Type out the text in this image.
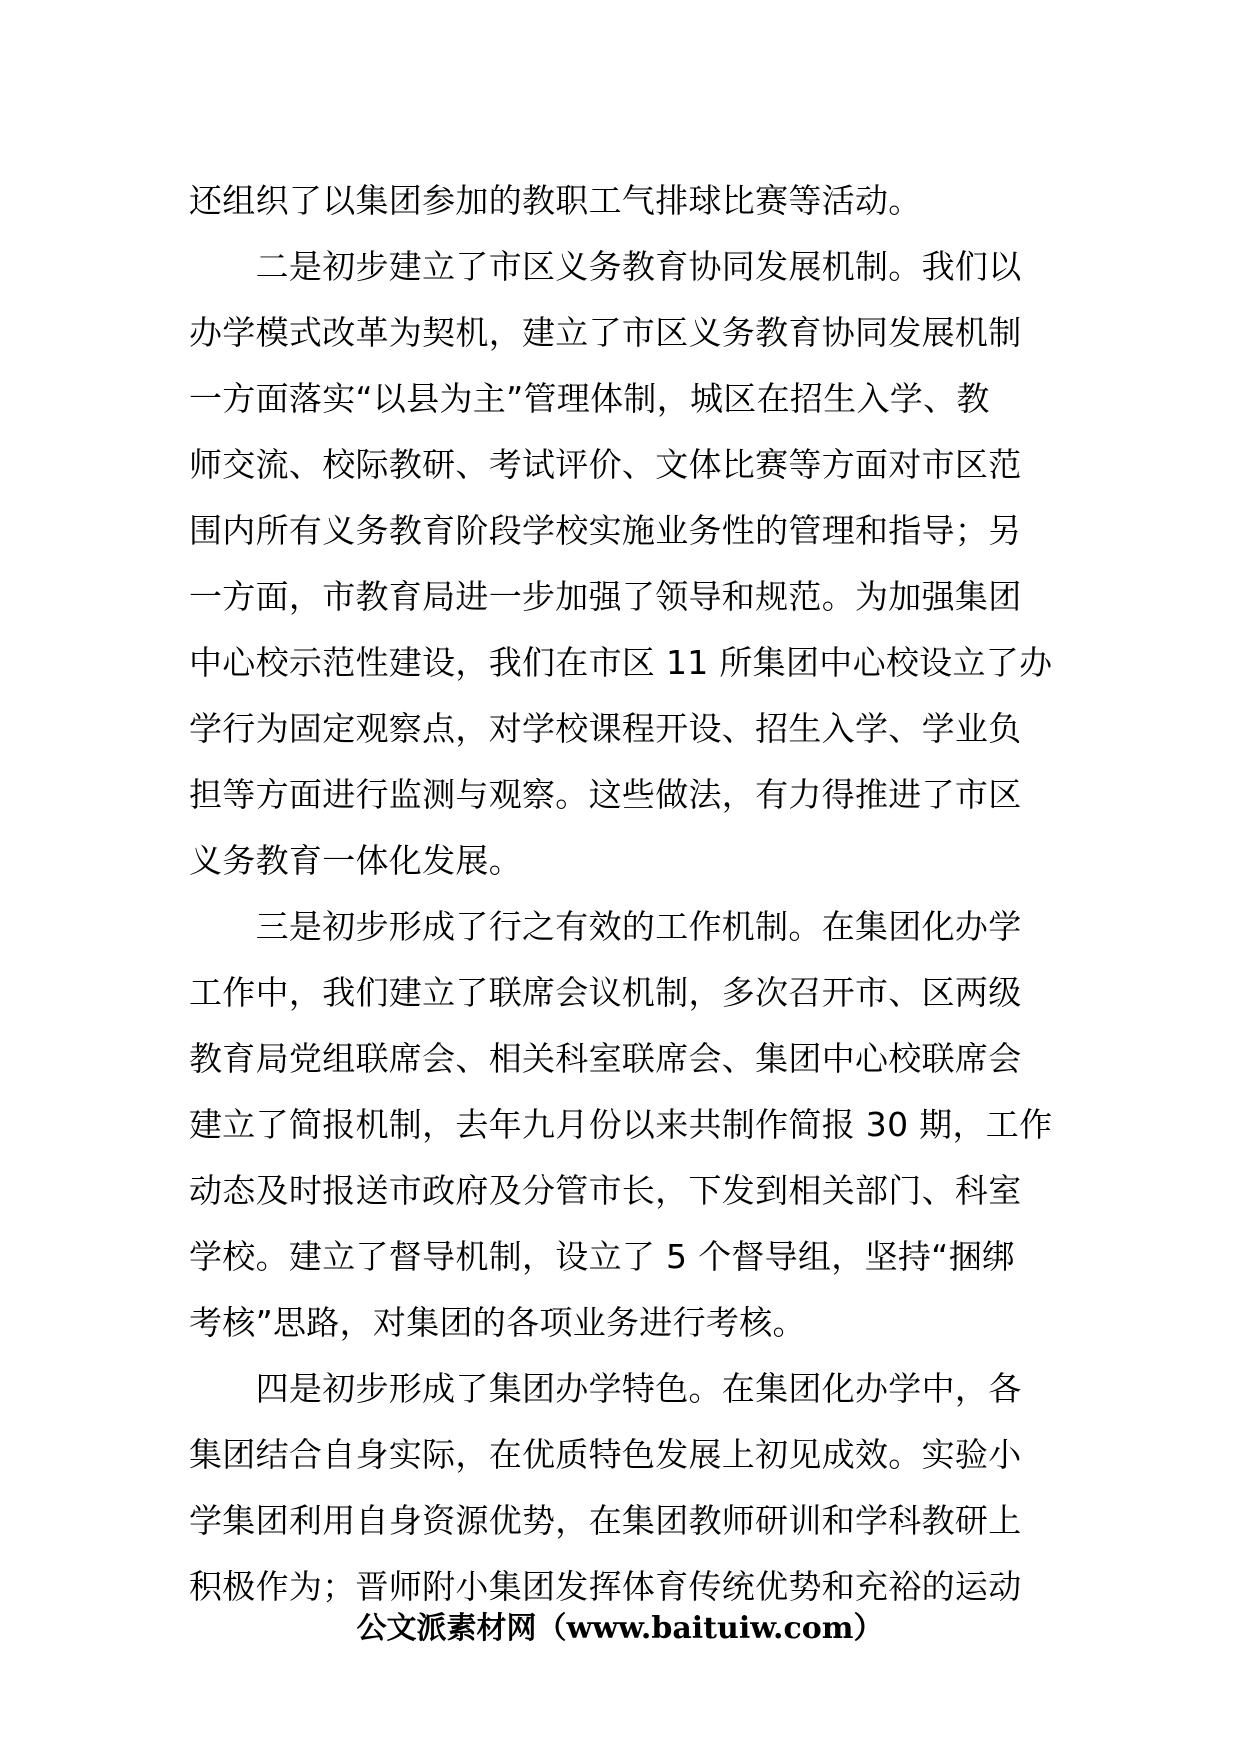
还组织了以集团参加的教职工气排球比赛等活动。
　　二是初步建立了市区义务教育协同发展机制。我们以
办学模式改革为契机，建立了市区义务教育协同发展机制
一方面落实“以县为主”管理体制，城区在招生入学、教
师交流、校际教研、考试评价、文体比赛等方面对市区范
围内所有义务教育阶段学校实施业务性的管理和指导；另
一方面，市教育局进一步加强了领导和规范。为加强集团
中心校示范性建设，我们在市区 11 所集团中心校设立了办
学行为固定观察点，对学校课程开设、招生入学、学业负
担等方面进行监测与观察。这些做法，有力得推进了市区
义务教育一体化发展。
　　三是初步形成了行之有效的工作机制。在集团化办学
工作中，我们建立了联席会议机制，多次召开市、区两级
教育局党组联席会、相关科室联席会、集团中心校联席会
建立了简报机制，去年九月份以来共制作简报 30 期，工作
动态及时报送市政府及分管市长，下发到相关部门、科室
学校。建立了督导机制，设立了 5 个督导组，坚持“捆绑
考核”思路，对集团的各项业务进行考核。
　　四是初步形成了集团办学特色。在集团化办学中，各
集团结合自身实际，在优质特色发展上初见成效。实验小
学集团利用自身资源优势，在集团教师研训和学科教研上
积极作为；晋师附小集团发挥体育传统优势和充裕的运动
公文派素材网（www.baituiw.com）
